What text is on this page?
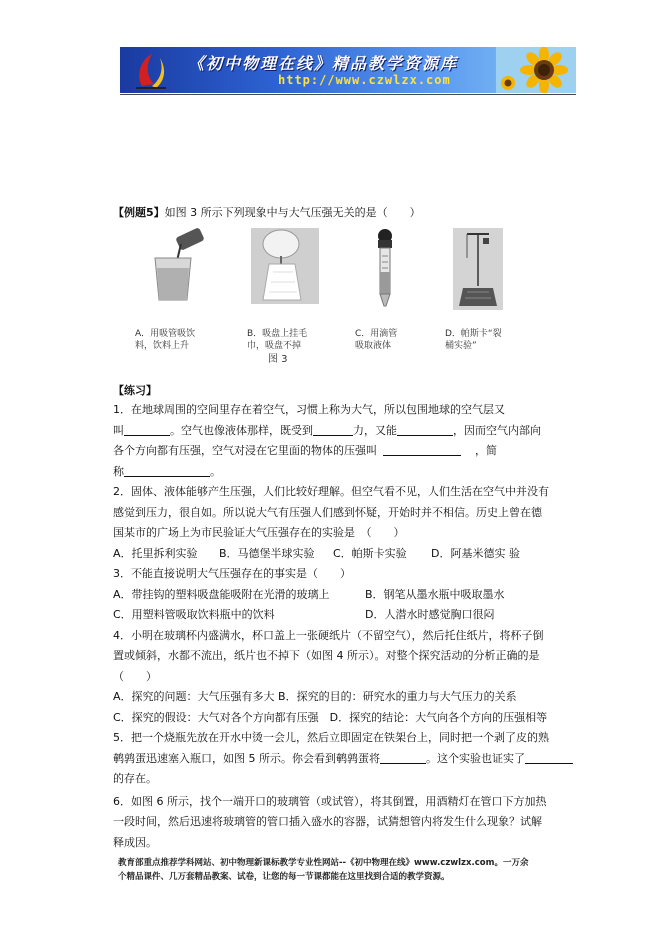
《初中物理在线》精品教学资源库
http://www.czwlzx.com
【例题5】如图 3 所示下列现象中与大气压强无关的是（　　）
A．用吸管吸饮
料，饮料上升
B．吸盘上挂毛
巾，吸盘不掉
C．用滴管
吸取液体
D．帕斯卡“裂
桶实验”
图 3
【练习】
1．在地球周围的空间里存在着空气，习惯上称为大气，所以包围地球的空气层又
叫	。空气也像液体那样，既受到	力，又能	，因而空气内部向
各个方向都有压强，空气对浸在它里面的物体的压强叫	，简
称	。
2．固体、液体能够产生压强，人们比较好理解。但空气看不见，人们生活在空气中并没有
感觉到压力，很自如。所以说大气有压强人们感到怀疑，开始时并不相信。历史上曾在德
国某市的广场上为市民验证大气压强存在的实验是　（　　）
A．托里拆利实验 B．马德堡半球实验 C．帕斯卡实验 D．阿基米德实 验
3．不能直接说明大气压强存在的事实是（　　）
A．带挂钩的塑料吸盘能吸附在光滑的玻璃上	B．钢笔从墨水瓶中吸取墨水
C．用塑料管吸取饮料瓶中的饮料	D．人潜水时感觉胸口很闷
4．小明在玻璃杯内盛满水，杯口盖上一张硬纸片（不留空气），然后托住纸片，将杯子倒
置或倾斜，水都不流出，纸片也不掉下（如图 4 所示）。对整个探究活动的分析正确的是
（　　）
A．探究的问题：大气压强有多大 B．探究的目的：研究水的重力与大气压力的关系
C．探究的假设：大气对各个方向都有压强　D．探究的结论：大气向各个方向的压强相等
5．把一个烧瓶先放在开水中烫一会儿，然后立即固定在铁架台上，同时把一个剥了皮的熟
鹌鹑蛋迅速塞入瓶口，如图 5 所示。你会看到鹌鹑蛋将	。这个实验也证实了
的存在。
6．如图 6 所示，找个一端开口的玻璃管（或试管），将其倒置，用酒精灯在管口下方加热
一段时间，然后迅速将玻璃管的管口插入盛水的容器，试猜想管内将发生什么现象？试解
释成因。
教育部重点推荐学科网站、初中物理新课标教学专业性网站--《初中物理在线》www.czwlzx.com。一万余
个精品课件、几万套精品教案、试卷，让您的每一节课都能在这里找到合适的教学资源。
